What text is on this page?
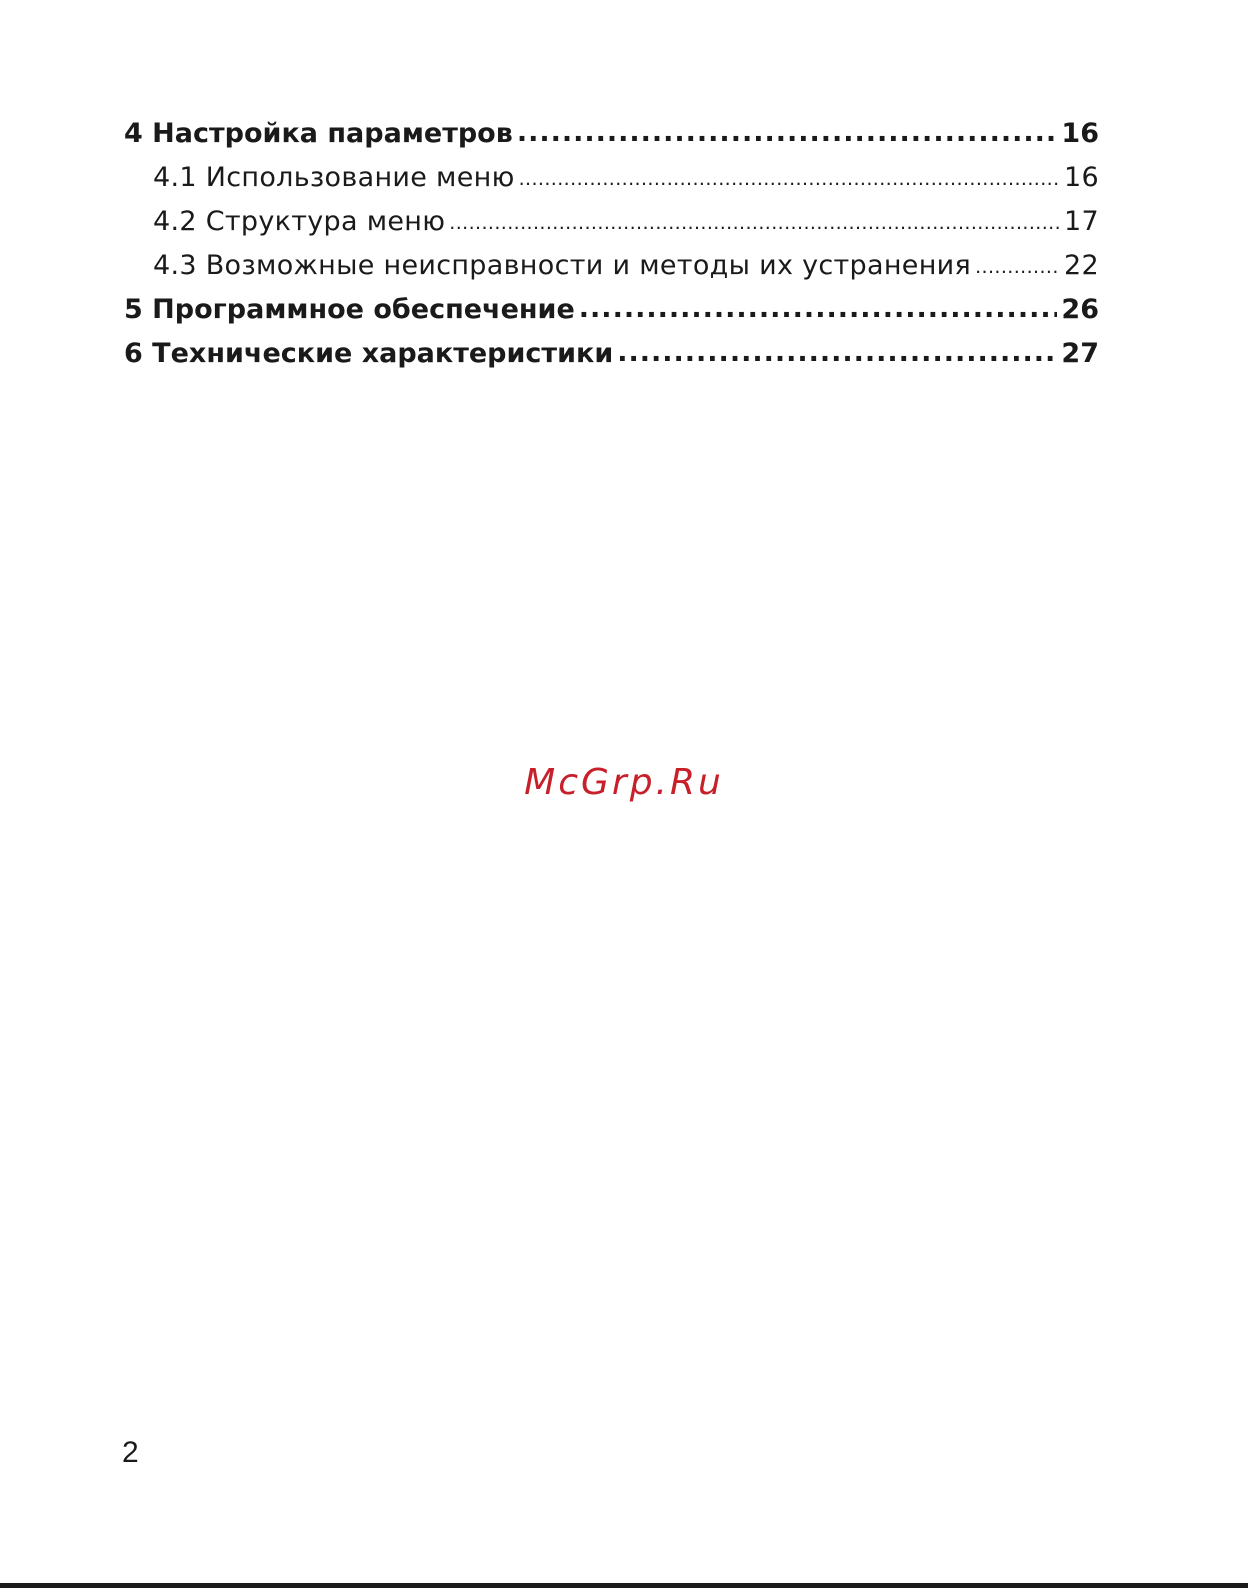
4 Настройка параметров .....	16
4.1 Использование меню .....	16
4.2 Структура меню .....	17
4.3 Возможные неисправности и методы их устранения .....	22
5 Программное обеспечение .....	26
6 Технические характеристики .....	27
McGrp.Ru
2
